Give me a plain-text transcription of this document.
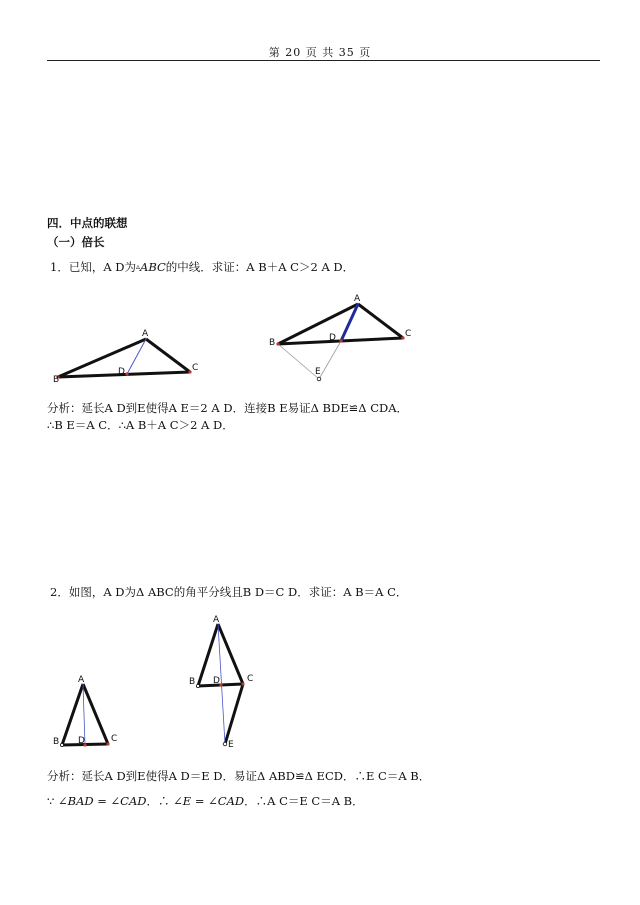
第 20 页 共 35 页
四．中点的联想
（一）倍长
1．已知，A D为▵ABC的中线．求证：A B＋A C＞2 A D．
A
B
C
D
A
B
C
D
E
分析：延长A D到E使得A E＝2 A D．连接B E易证Δ BDE≌Δ CDA．
∴B E＝A C．∴A B＋A C＞2 A D．
2．如图，A D为Δ ABC的角平分线且B D＝C D．求证：A B＝A C．
A
B	C
D
A
B	C
D
E
分析：延长A D到E使得A D＝E D．易证Δ ABD≌Δ ECD．∴E C＝A B．
∵ ∠BAD = ∠CAD．∴ ∠E = ∠CAD．∴A C＝E C＝A B．
